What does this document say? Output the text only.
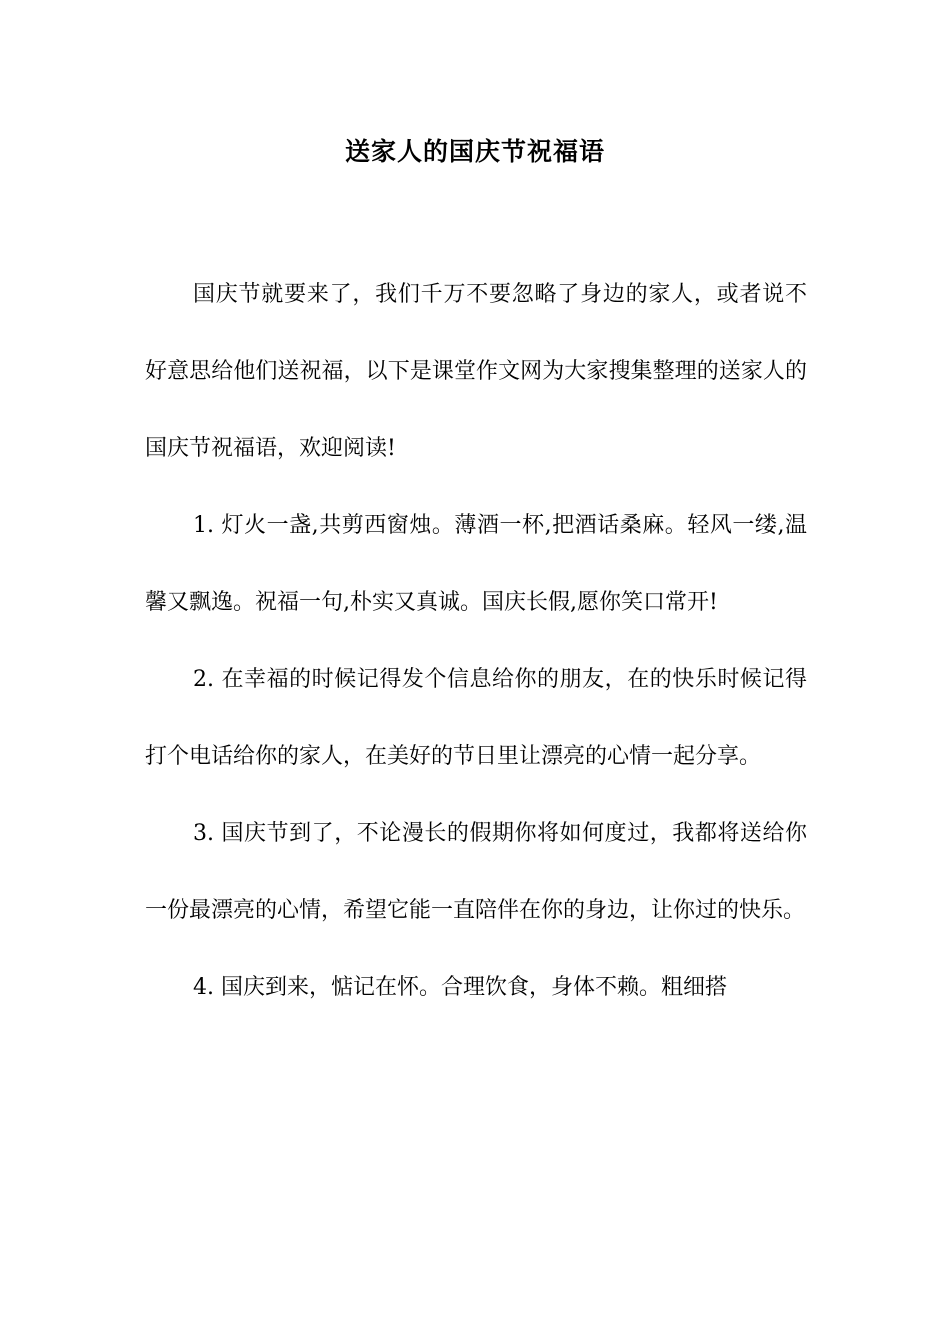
送家人的国庆节祝福语

国庆节就要来了，我们千万不要忽略了身边的家人，或者说不好意思给他们送祝福，以下是课堂作文网为大家搜集整理的送家人的国庆节祝福语，欢迎阅读!

1. 灯火一盏,共剪西窗烛。薄酒一杯,把酒话桑麻。轻风一缕,温馨又飘逸。祝福一句,朴实又真诚。国庆长假,愿你笑口常开!

2. 在幸福的时候记得发个信息给你的朋友，在的快乐时候记得打个电话给你的家人，在美好的节日里让漂亮的心情一起分享。

3. 国庆节到了，不论漫长的假期你将如何度过，我都将送给你一份最漂亮的心情，希望它能一直陪伴在你的身边，让你过的快乐。

4. 国庆到来，惦记在怀。合理饮食，身体不赖。粗细搭
